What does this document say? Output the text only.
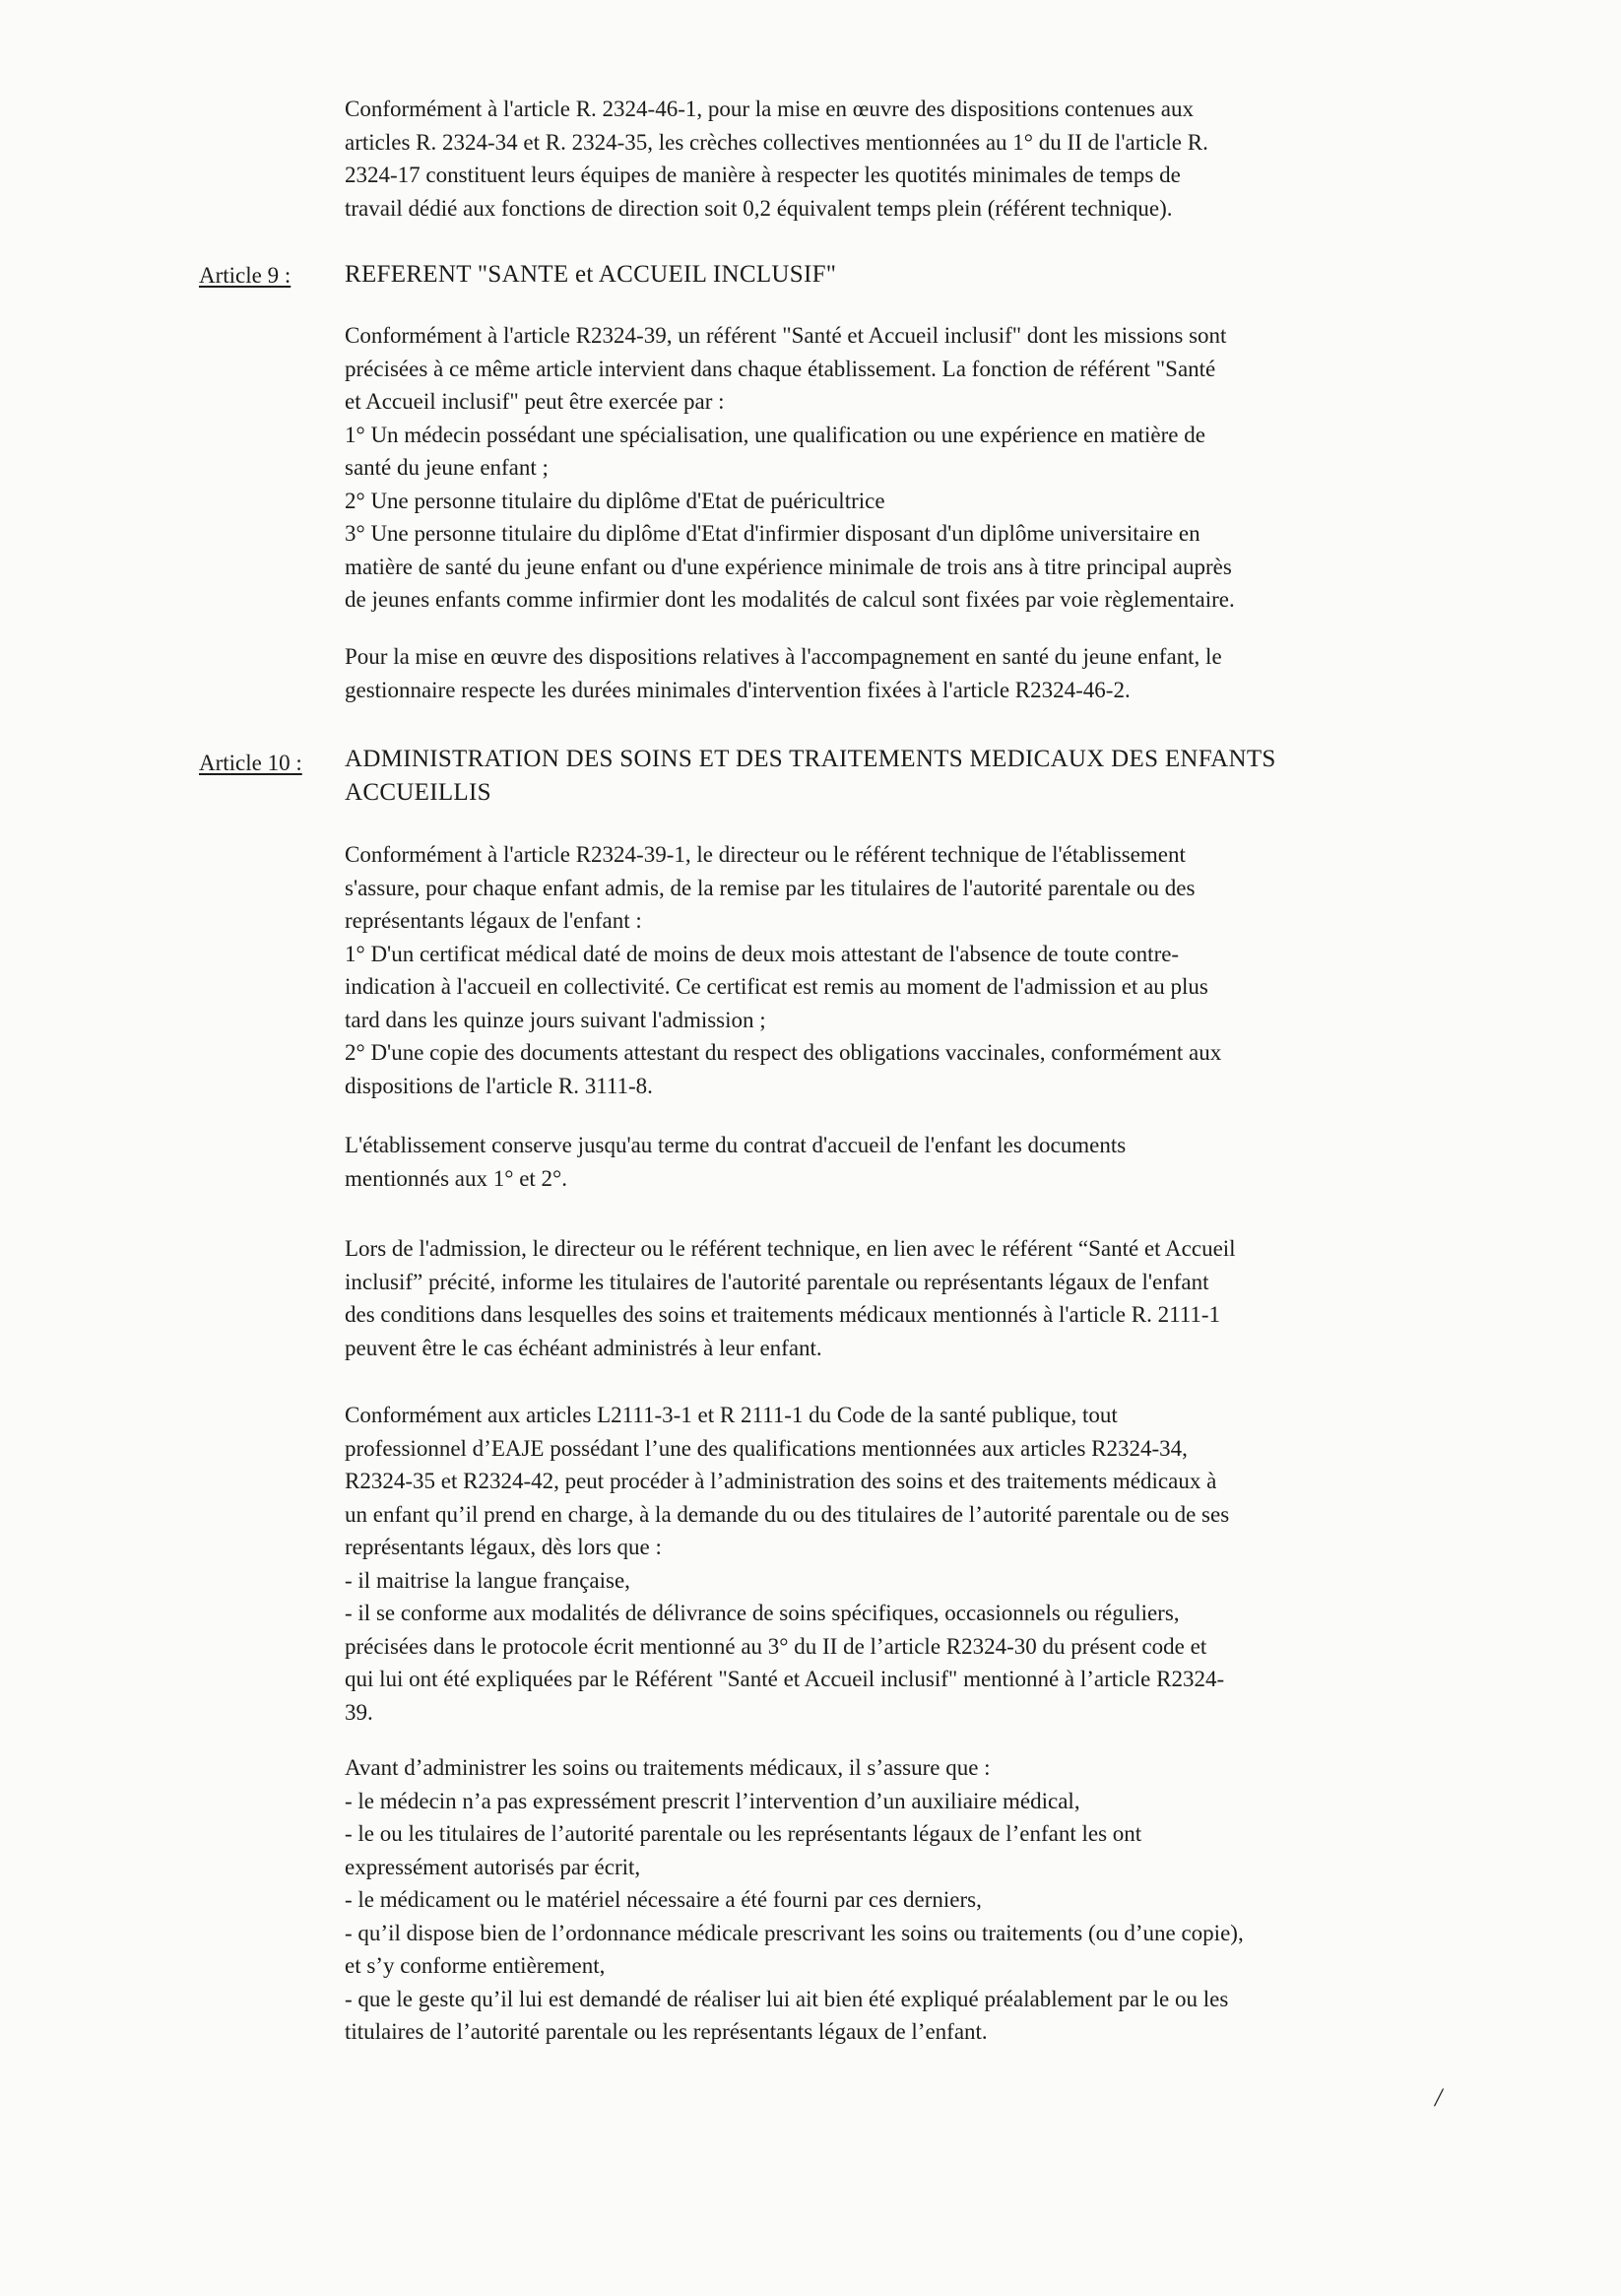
Conformément à l'article R. 2324-46-1, pour la mise en œuvre des dispositions contenues aux
articles R. 2324-34 et R. 2324-35, les crèches collectives mentionnées au 1° du II de l'article R.
2324-17 constituent leurs équipes de manière à respecter les quotités minimales de temps de
travail dédié aux fonctions de direction soit 0,2 équivalent temps plein (référent technique).
Article 9 : REFERENT "SANTE et ACCUEIL INCLUSIF"
Conformément à l'article R2324-39, un référent "Santé et Accueil inclusif" dont les missions sont
précisées à ce même article intervient dans chaque établissement. La fonction de référent "Santé
et Accueil inclusif" peut être exercée par :
1° Un médecin possédant une spécialisation, une qualification ou une expérience en matière de
santé du jeune enfant ;
2° Une personne titulaire du diplôme d'Etat de puéricultrice
3° Une personne titulaire du diplôme d'Etat d'infirmier disposant d'un diplôme universitaire en
matière de santé du jeune enfant ou d'une expérience minimale de trois ans à titre principal auprès
de jeunes enfants comme infirmier dont les modalités de calcul sont fixées par voie règlementaire.
Pour la mise en œuvre des dispositions relatives à l'accompagnement en santé du jeune enfant, le
gestionnaire respecte les durées minimales d'intervention fixées à l'article R2324-46-2.
Article 10 : ADMINISTRATION DES SOINS ET DES TRAITEMENTS MEDICAUX DES ENFANTS
ACCUEILLIS
Conformément à l'article R2324-39-1, le directeur ou le référent technique de l'établissement
s'assure, pour chaque enfant admis, de la remise par les titulaires de l'autorité parentale ou des
représentants légaux de l'enfant :
1° D'un certificat médical daté de moins de deux mois attestant de l'absence de toute contre-
indication à l'accueil en collectivité. Ce certificat est remis au moment de l'admission et au plus
tard dans les quinze jours suivant l'admission ;
2° D'une copie des documents attestant du respect des obligations vaccinales, conformément aux
dispositions de l'article R. 3111-8.
L'établissement conserve jusqu'au terme du contrat d'accueil de l'enfant les documents
mentionnés aux 1° et 2°.
Lors de l'admission, le directeur ou le référent technique, en lien avec le référent “Santé et Accueil
inclusif” précité, informe les titulaires de l'autorité parentale ou représentants légaux de l'enfant
des conditions dans lesquelles des soins et traitements médicaux mentionnés à l'article R. 2111-1
peuvent être le cas échéant administrés à leur enfant.
Conformément aux articles L2111-3-1 et R 2111-1 du Code de la santé publique, tout
professionnel d’EAJE possédant l’une des qualifications mentionnées aux articles R2324-34,
R2324-35 et R2324-42, peut procéder à l’administration des soins et des traitements médicaux à
un enfant qu’il prend en charge, à la demande du ou des titulaires de l’autorité parentale ou de ses
représentants légaux, dès lors que :
- il maitrise la langue française,
- il se conforme aux modalités de délivrance de soins spécifiques, occasionnels ou réguliers,
précisées dans le protocole écrit mentionné au 3° du II de l’article R2324-30 du présent code et
qui lui ont été expliquées par le Référent "Santé et Accueil inclusif" mentionné à l’article R2324-
39.
Avant d’administrer les soins ou traitements médicaux, il s’assure que :
- le médecin n’a pas expressément prescrit l’intervention d’un auxiliaire médical,
- le ou les titulaires de l’autorité parentale ou les représentants légaux de l’enfant les ont
expressément autorisés par écrit,
- le médicament ou le matériel nécessaire a été fourni par ces derniers,
- qu’il dispose bien de l’ordonnance médicale prescrivant les soins ou traitements (ou d’une copie),
et s’y conforme entièrement,
- que le geste qu’il lui est demandé de réaliser lui ait bien été expliqué préalablement par le ou les
titulaires de l’autorité parentale ou les représentants légaux de l’enfant.
/
